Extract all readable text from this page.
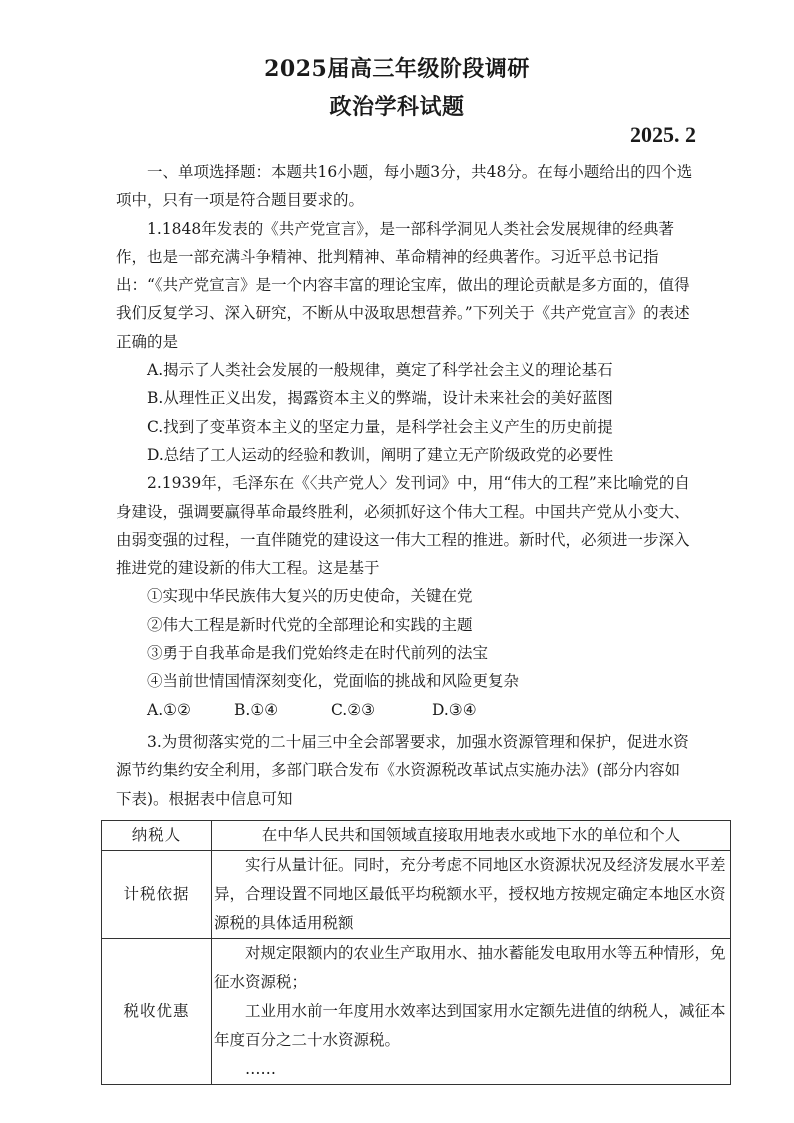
2025届高三年级阶段调研
政治学科试题
2025. 2

一、单项选择题：本题共16小题，每小题3分，共48分。在每小题给出的四个选项中，只有一项是符合题目要求的。

1.1848年发表的《共产党宣言》，是一部科学洞见人类社会发展规律的经典著作，也是一部充满斗争精神、批判精神、革命精神的经典著作。习近平总书记指出：“《共产党宣言》是一个内容丰富的理论宝库，做出的理论贡献是多方面的，值得我们反复学习、深入研究，不断从中汲取思想营养。”下列关于《共产党宣言》的表述正确的是

A.揭示了人类社会发展的一般规律，奠定了科学社会主义的理论基石

B.从理性正义出发，揭露资本主义的弊端，设计未来社会的美好蓝图

C.找到了变革资本主义的坚定力量，是科学社会主义产生的历史前提

D.总结了工人运动的经验和教训，阐明了建立无产阶级政党的必要性

2.1939年，毛泽东在《〈共产党人〉发刊词》中，用“伟大的工程”来比喻党的自身建设，强调要赢得革命最终胜利，必须抓好这个伟大工程。中国共产党从小变大、由弱变强的过程，一直伴随党的建设这一伟大工程的推进。新时代，必须进一步深入推进党的建设新的伟大工程。这是基于

①实现中华民族伟大复兴的历史使命，关键在党

②伟大工程是新时代党的全部理论和实践的主题

③勇于自我革命是我们党始终走在时代前列的法宝

④当前世情国情深刻变化，党面临的挑战和风险更复杂

A.①②	B.①④	C.②③	D.③④

3.为贯彻落实党的二十届三中全会部署要求，加强水资源管理和保护，促进水资源节约集约安全利用，多部门联合发布《水资源税改革试点实施办法》(部分内容如下表)。根据表中信息可知

纳税人	在中华人民共和国领域直接取用地表水或地下水的单位和个人

计税依据	实行从量计征。同时，充分考虑不同地区水资源状况及经济发展水平差异，合理设置不同地区最低平均税额水平，授权地方按规定确定本地区水资源税的具体适用税额

税收优惠	对规定限额内的农业生产取用水、抽水蓄能发电取用水等五种情形，免征水资源税；

工业用水前一年度用水效率达到国家用水定额先进值的纳税人，减征本年度百分之二十水资源税。

……
